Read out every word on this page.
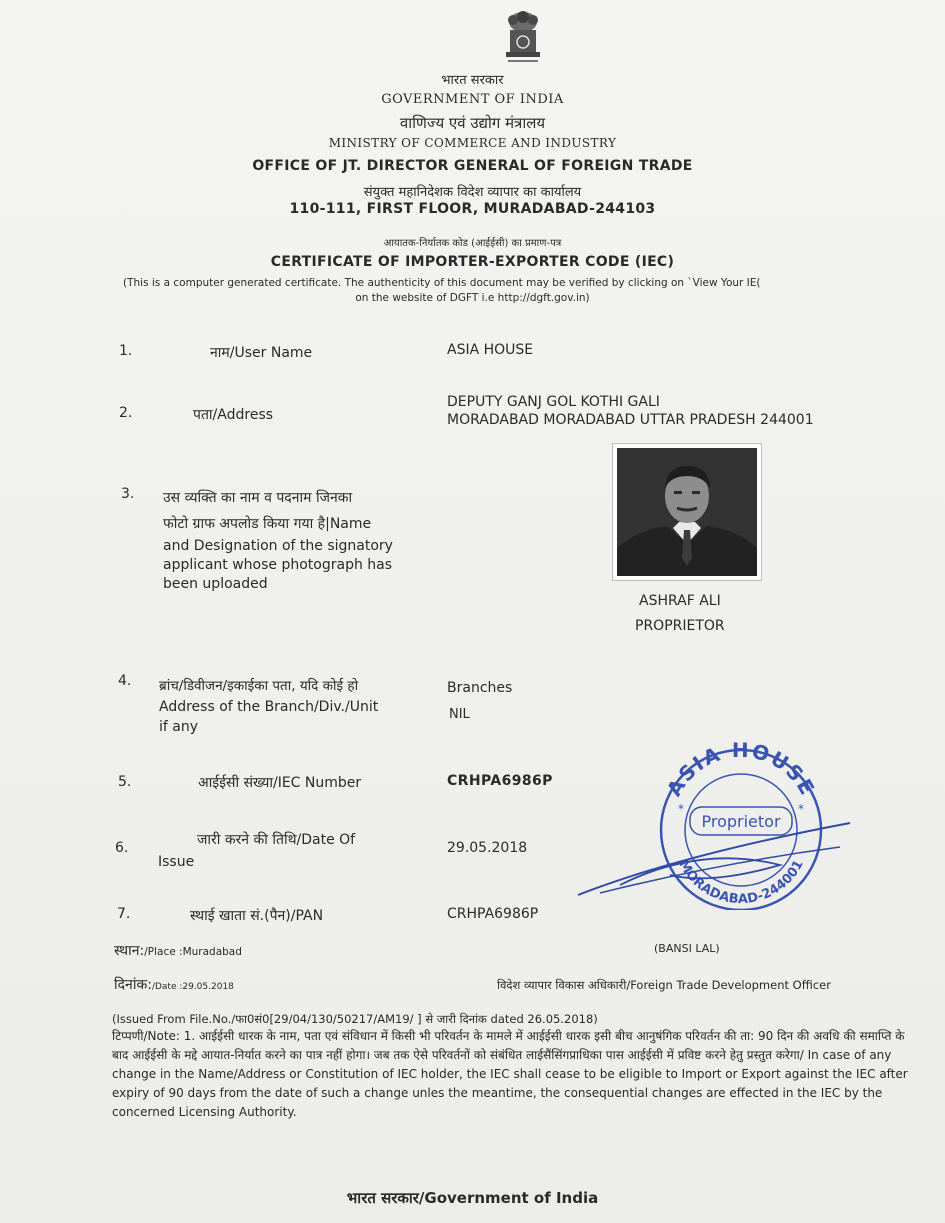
भारत सरकार
GOVERNMENT OF INDIA
वाणिज्य एवं उद्योग मंत्रालय
MINISTRY OF COMMERCE AND INDUSTRY
OFFICE OF JT. DIRECTOR GENERAL OF FOREIGN TRADE
संयुक्त महानिदेशक विदेश व्यापार का कार्यालय
110-111, FIRST FLOOR, MURADABAD-244103
आयातक-निर्यातक कोड (आईईसी) का प्रमाण-पत्र
CERTIFICATE OF IMPORTER-EXPORTER CODE (IEC)
(This is a computer generated certificate. The authenticity of this document may be verified by clicking on `View Your IE(
on the website of DGFT i.e http://dgft.gov.in)
1.	नाम/User Name	ASIA HOUSE
2.	पता/Address
DEPUTY GANJ GOL KOTHI GALI
MORADABAD MORADABAD UTTAR PRADESH 244001
3. उस व्यक्ति का नाम व पदनाम जिनका
फोटो ग्राफ अपलोड किया गया है|Name
and Designation of the signatory
applicant whose photograph has
been uploaded
ASHRAF ALI
PROPRIETOR
4. ब्रांच/डिवीजन/इकाईका पता, यदि कोई हो
Address of the Branch/Div./Unit
if any
Branches
NIL
5.	आईईसी संख्या/IEC Number	CRHPA6986P	ASIA HOUSE
MORADABAD-244001
Proprietor
*	*
6.	जारी करने की तिथि/Date Of
Issue
29.05.2018
7.	स्थाई खाता सं.(पैन)/PAN	CRHPA6986P
स्थान:/Place :Muradabad	(BANSI LAL)
दिनांक:/Date :29.05.2018	विदेश व्यापार विकास अधिकारी/Foreign Trade Development Officer
(Issued From File.No./फा0सं0[29/04/130/50217/AM19/ ] से जारी दिनांक dated 26.05.2018)
टिप्पणी/Note: 1. आईईसी धारक के नाम, पता एवं संविधान में किसी भी परिवर्तन के मामले में आईईसी धारक इसी बीच आनुषंगिक परिवर्तन की ता: 90 दिन की अवधि की समाप्ति के बाद आईईसी के मद्दे आयात-निर्यात करने का पात्र नहीं होगा। जब तक ऐसे परिवर्तनों को संबंधित लाईसैंसिंगप्राधिका पास आईईसी में प्रविष्ट करने हेतु प्रस्तुत करेगा/ In case of any change in the Name/Address or Constitution of IEC holder, the IEC shall cease to be eligible to Import or Export against the IEC after expiry of 90 days from the date of such a change unles the meantime, the consequential changes are effected in the IEC by the concerned Licensing Authority.
भारत सरकार/Government of India
